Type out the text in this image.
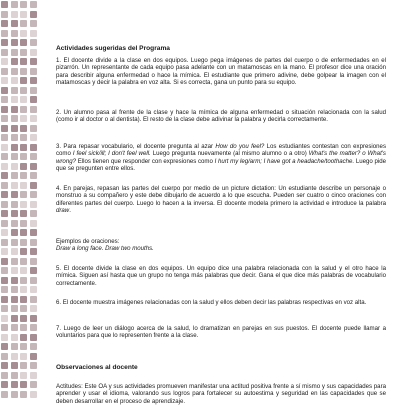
Actividades sugeridas del Programa

1. El docente divide a la clase en dos equipos. Luego pega imágenes de partes del cuerpo o de enfermedades en el pizarrón. Un representante de cada equipo pasa adelante con un matamoscas en la mano. El profesor dice una oración para describir alguna enfermedad o hace la mímica. El estudiante que primero adivine, debe golpear la imagen con el matamoscas y decir la palabra en voz alta. Si es correcta, gana un punto para su equipo.

2. Un alumno pasa al frente de la clase y hace la mímica de alguna enfermedad o situación relacionada con la salud (como ir al doctor o al dentista). El resto de la clase debe adivinar la palabra y decirla correctamente.

3. Para repasar vocabulario, el docente pregunta al azar How do you feel? Los estudiantes contestan con expresiones como I feel sick/ill; I don't feel well. Luego pregunta nuevamente (al mismo alumno o a otro) What's the matter? o What's wrong? Ellos tienen que responder con expresiones como I hurt my leg/arm; I have got a headache/toothache. Luego pide que se pregunten entre ellos.

4. En parejas, repasan las partes del cuerpo por medio de un picture dictation: Un estudiante describe un personaje o monstruo a su compañero y este debe dibujarlo de acuerdo a lo que escucha. Pueden ser cuatro o cinco oraciones con diferentes partes del cuerpo. Luego lo hacen a la inversa. El docente modela primero la actividad e introduce la palabra draw.

Ejemplos de oraciones:
Draw a long face. Draw two mouths.

5. El docente divide la clase en dos equipos. Un equipo dice una palabra relacionada con la salud y el otro hace la mímica. Siguen así hasta que un grupo no tenga más palabras que decir. Gana el que dice más palabras de vocabulario correctamente.

6. El docente muestra imágenes relacionadas con la salud y ellos deben decir las palabras respectivas en voz alta.

7. Luego de leer un diálogo acerca de la salud, lo dramatizan en parejas en sus puestos. El docente puede llamar a voluntarios para que lo representen frente a la clase.

Observaciones al docente

Actitudes: Este OA y sus actividades promueven manifestar una actitud positiva frente a sí mismo y sus capacidades para aprender y usar el idioma, valorando sus logros para fortalecer su autoestima y seguridad en las capacidades que se deben desarrollar en el proceso de aprendizaje.
